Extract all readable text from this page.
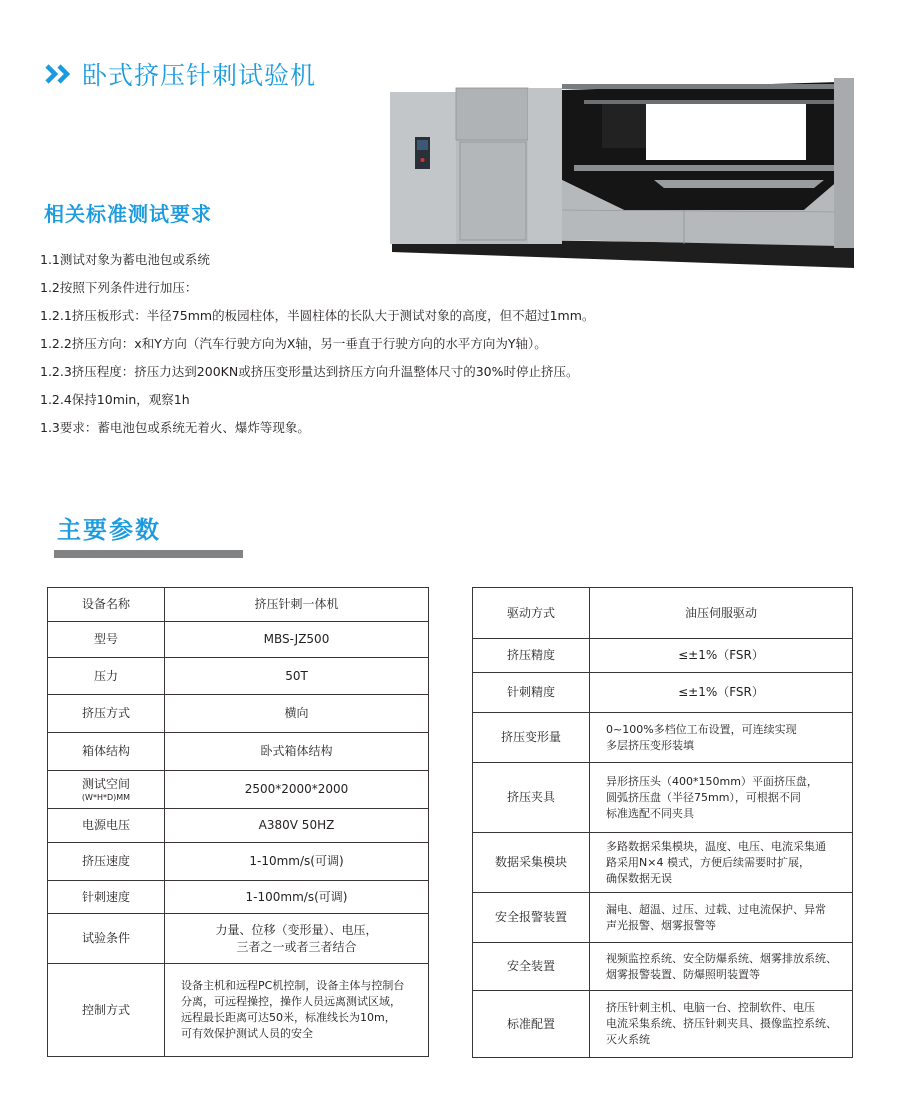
卧式挤压针刺试验机
相关标准测试要求
1.1测试对象为蓄电池包或系统
1.2按照下列条件进行加压：
1.2.1挤压板形式：半径75mm的板园柱体，半圆柱体的长队大于测试对象的高度，但不超过1mm。
1.2.2挤压方向：x和Y方向（汽车行驶方向为X轴，另一垂直于行驶方向的水平方向为Y轴）。
1.2.3挤压程度：挤压力达到200KN或挤压变形量达到挤压方向升温整体尺寸的30%时停止挤压。
1.2.4保持10min，观察1h
1.3要求：蓄电池包或系统无着火、爆炸等现象。
主要参数
设备名称	挤压针刺一体机
型号	MBS-JZ500
压力	50T
挤压方式	横向
箱体结构	卧式箱体结构
测试空间
(W*H*D)MM	2500*2000*2000
电源电压	A380V 50HZ
挤压速度	1-10mm/s(可调)
针刺速度	1-100mm/s(可调)
试验条件	力量、位移（变形量）、电压，
三者之一或者三者结合

控制方式	设备主机和远程PC机控制，设备主体与控制台
分离，可远程操控，操作人员远离测试区域，
远程最长距离可达50米，标准线长为10m，
可有效保护测试人员的安全
驱动方式	油压伺服驱动
挤压精度	≤±1%（FSR）
针刺精度	≤±1%（FSR）
挤压变形量	0~100%多档位工布设置，可连续实现
多层挤压变形装填

挤压夹具	异形挤压头（400*150mm）平面挤压盘，
圆弧挤压盘（半径75mm），可根据不同
标准选配不同夹具

数据采集模块	多路数据采集模块，温度、电压、电流采集通
路采用N×4 模式，方便后续需要时扩展，
确保数据无误

安全报警装置	漏电、超温、过压、过载、过电流保护、异常
声光报警、烟雾报警等

安全装置	视频监控系统、安全防爆系统、烟雾排放系统、
烟雾报警装置、防爆照明装置等

标准配置	挤压针刺主机、电脑一台、控制软件、电压
电流采集系统、挤压针刺夹具、摄像监控系统、
灭火系统
